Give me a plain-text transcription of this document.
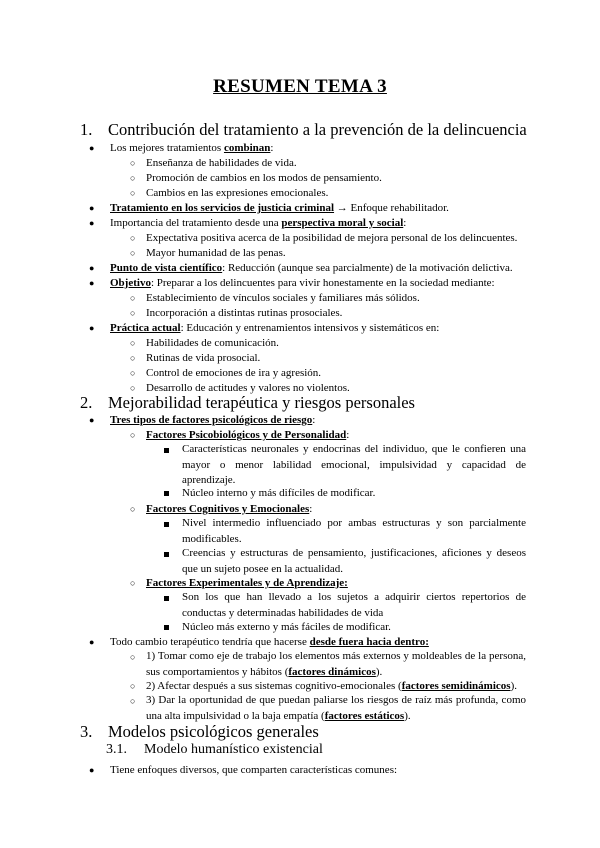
RESUMEN TEMA 3
1. Contribución del tratamiento a la prevención de la delincuencia
● Los mejores tratamientos combinan:
○ Enseñanza de habilidades de vida.
○ Promoción de cambios en los modos de pensamiento.
○ Cambios en las expresiones emocionales.
● Tratamiento en los servicios de justicia criminal → Enfoque rehabilitador.
● Importancia del tratamiento desde una perspectiva moral y social:
○ Expectativa positiva acerca de la posibilidad de mejora personal de los delincuentes.
○ Mayor humanidad de las penas.
● Punto de vista científico: Reducción (aunque sea parcialmente) de la motivación delictiva.
● Objetivo: Preparar a los delincuentes para vivir honestamente en la sociedad mediante:
○ Establecimiento de vínculos sociales y familiares más sólidos.
○ Incorporación a distintas rutinas prosociales.
● Práctica actual: Educación y entrenamientos intensivos y sistemáticos en:
○ Habilidades de comunicación.
○ Rutinas de vida prosocial.
○ Control de emociones de ira y agresión.
○ Desarrollo de actitudes y valores no violentos.
2. Mejorabilidad terapéutica y riesgos personales
● Tres tipos de factores psicológicos de riesgo:
○ Factores Psicobiológicos y de Personalidad:
Características neuronales y endocrinas del individuo, que le confieren una mayor o menor labilidad emocional, impulsividad y capacidad de aprendizaje.
Núcleo interno y más difíciles de modificar.
○ Factores Cognitivos y Emocionales:
Nivel intermedio influenciado por ambas estructuras y son parcialmente modificables.
Creencias y estructuras de pensamiento, justificaciones, aficiones y deseos que un sujeto posee en la actualidad.
○ Factores Experimentales y de Aprendizaje:
Son los que han llevado a los sujetos a adquirir ciertos repertorios de conductas y determinadas habilidades de vida
Núcleo más externo y más fáciles de modificar.
● Todo cambio terapéutico tendría que hacerse desde fuera hacia dentro:
○ 1) Tomar como eje de trabajo los elementos más externos y moldeables de la persona, sus comportamientos y hábitos (factores dinámicos).
○ 2) Afectar después a sus sistemas cognitivo-emocionales (factores semidinámicos).
○ 3) Dar la oportunidad de que puedan paliarse los riesgos de raíz más profunda, como una alta impulsividad o la baja empatía (factores estáticos).
3. Modelos psicológicos generales
3.1. Modelo humanístico existencial
● Tiene enfoques diversos, que comparten características comunes:
